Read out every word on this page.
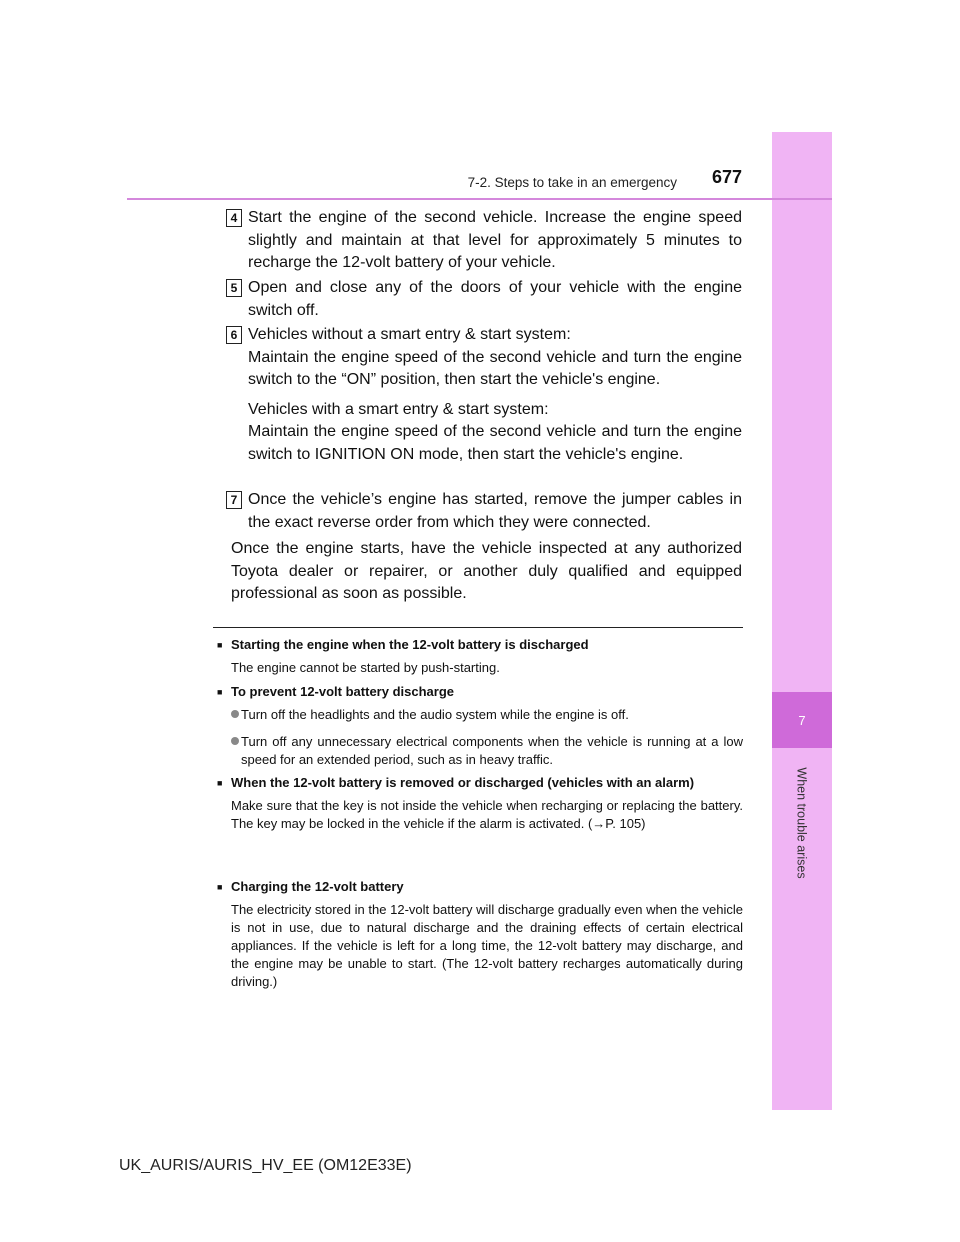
7
When trouble arises
7-2. Steps to take in an emergency 677
4 Start the engine of the second vehicle. Increase the engine speed slightly and maintain at that level for approximately 5 minutes to recharge the 12-volt battery of your vehicle.

5 Open and close any of the doors of your vehicle with the engine switch off.

6 Vehicles without a smart entry & start system:

Maintain the engine speed of the second vehicle and turn the engine switch to the “ON” position, then start the vehicle's engine.

Vehicles with a smart entry & start system:

Maintain the engine speed of the second vehicle and turn the engine switch to IGNITION ON mode, then start the vehicle's engine.

7 Once the vehicle’s engine has started, remove the jumper cables in the exact reverse order from which they were connected.

Once the engine starts, have the vehicle inspected at any authorized Toyota dealer or repairer, or another duly qualified and equipped professional as soon as possible.
■ Starting the engine when the 12-volt battery is discharged
The engine cannot be started by push-starting.
■ To prevent 12-volt battery discharge
Turn off the headlights and the audio system while the engine is off.
Turn off any unnecessary electrical components when the vehicle is running at a low speed for an extended period, such as in heavy traffic.
■ When the 12-volt battery is removed or discharged (vehicles with an alarm)
Make sure that the key is not inside the vehicle when recharging or replacing the battery. The key may be locked in the vehicle if the alarm is activated. (→P. 105)
■ Charging the 12-volt battery
The electricity stored in the 12-volt battery will discharge gradually even when the vehicle is not in use, due to natural discharge and the draining effects of certain electrical appliances. If the vehicle is left for a long time, the 12-volt battery may discharge, and the engine may be unable to start. (The 12-volt battery recharges automatically during driving.)
UK_AURIS/AURIS_HV_EE (OM12E33E)
